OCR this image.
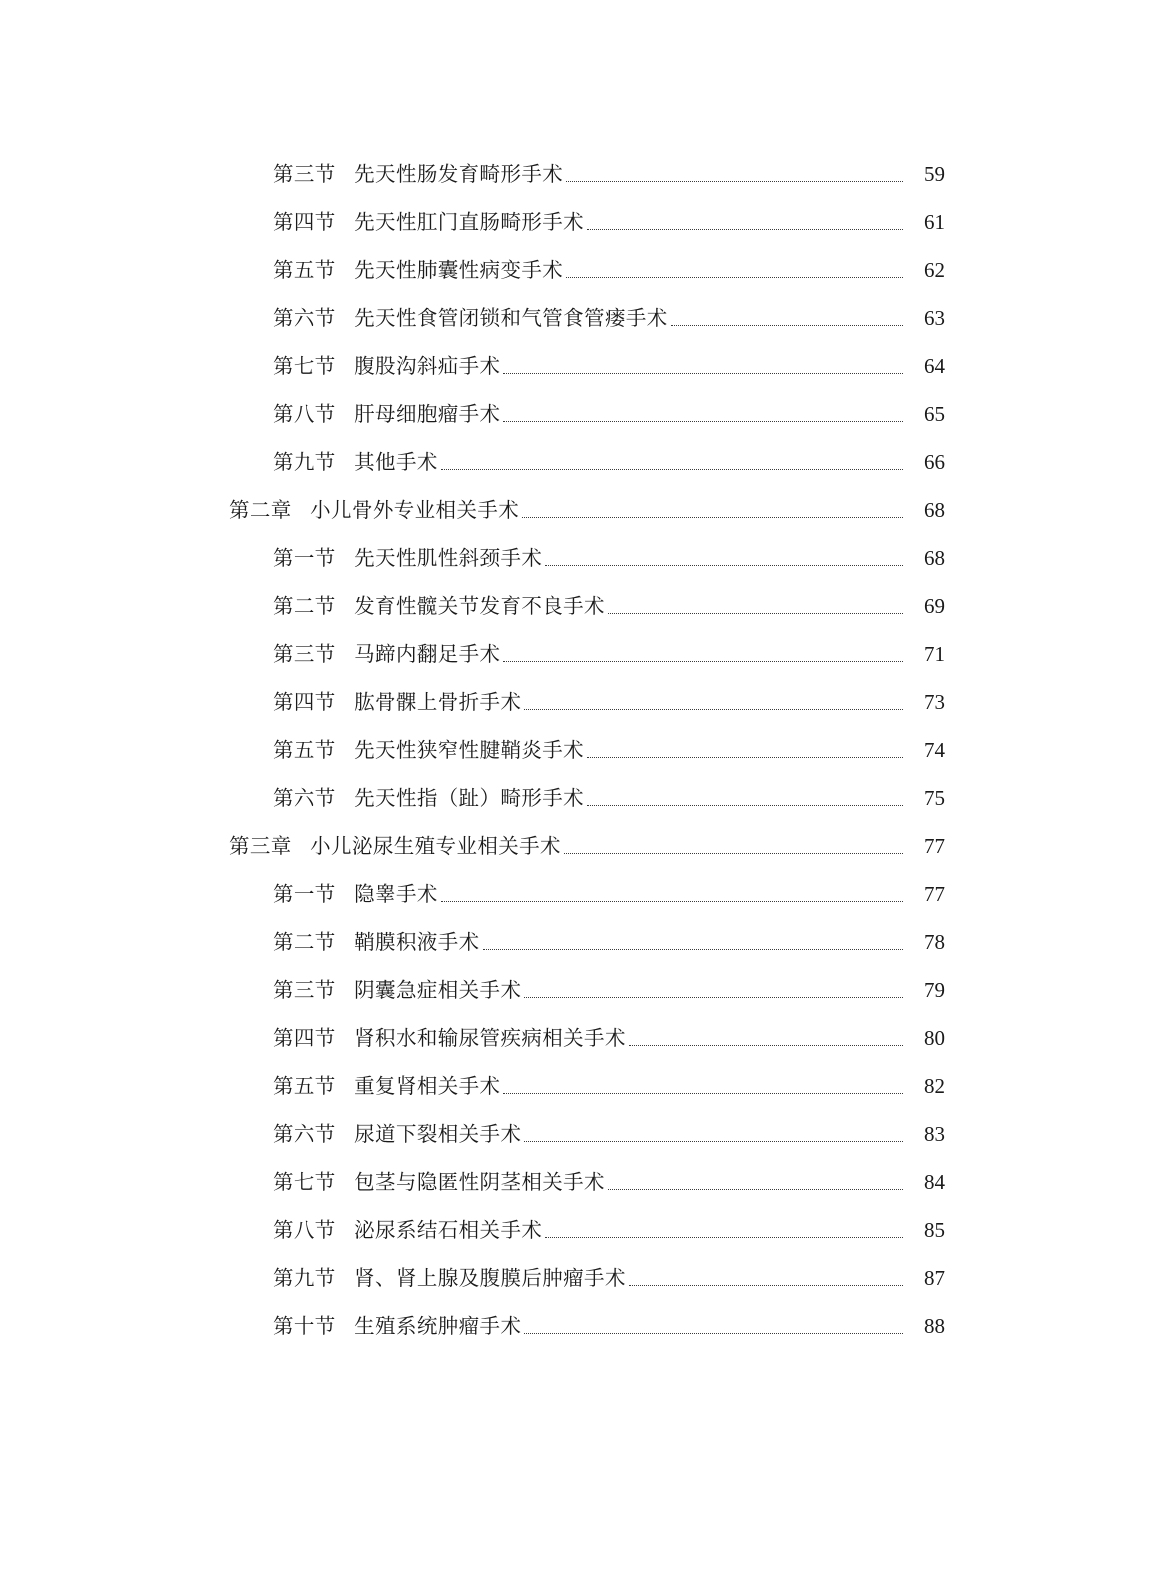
第三节 先天性肠发育畸形手术	59
第四节 先天性肛门直肠畸形手术	61
第五节 先天性肺囊性病变手术	62
第六节 先天性食管闭锁和气管食管瘘手术	63
第七节 腹股沟斜疝手术	64
第八节 肝母细胞瘤手术	65
第九节 其他手术	66
第二章 小儿骨外专业相关手术	68
第一节 先天性肌性斜颈手术	68
第二节 发育性髋关节发育不良手术	69
第三节 马蹄内翻足手术	71
第四节 肱骨髁上骨折手术	73
第五节 先天性狭窄性腱鞘炎手术	74
第六节 先天性指（趾）畸形手术	75
第三章 小儿泌尿生殖专业相关手术	77
第一节 隐睾手术	77
第二节 鞘膜积液手术	78
第三节 阴囊急症相关手术	79
第四节 肾积水和输尿管疾病相关手术	80
第五节 重复肾相关手术	82
第六节 尿道下裂相关手术	83
第七节 包茎与隐匿性阴茎相关手术	84
第八节 泌尿系结石相关手术	85
第九节 肾、肾上腺及腹膜后肿瘤手术	87
第十节 生殖系统肿瘤手术	88
